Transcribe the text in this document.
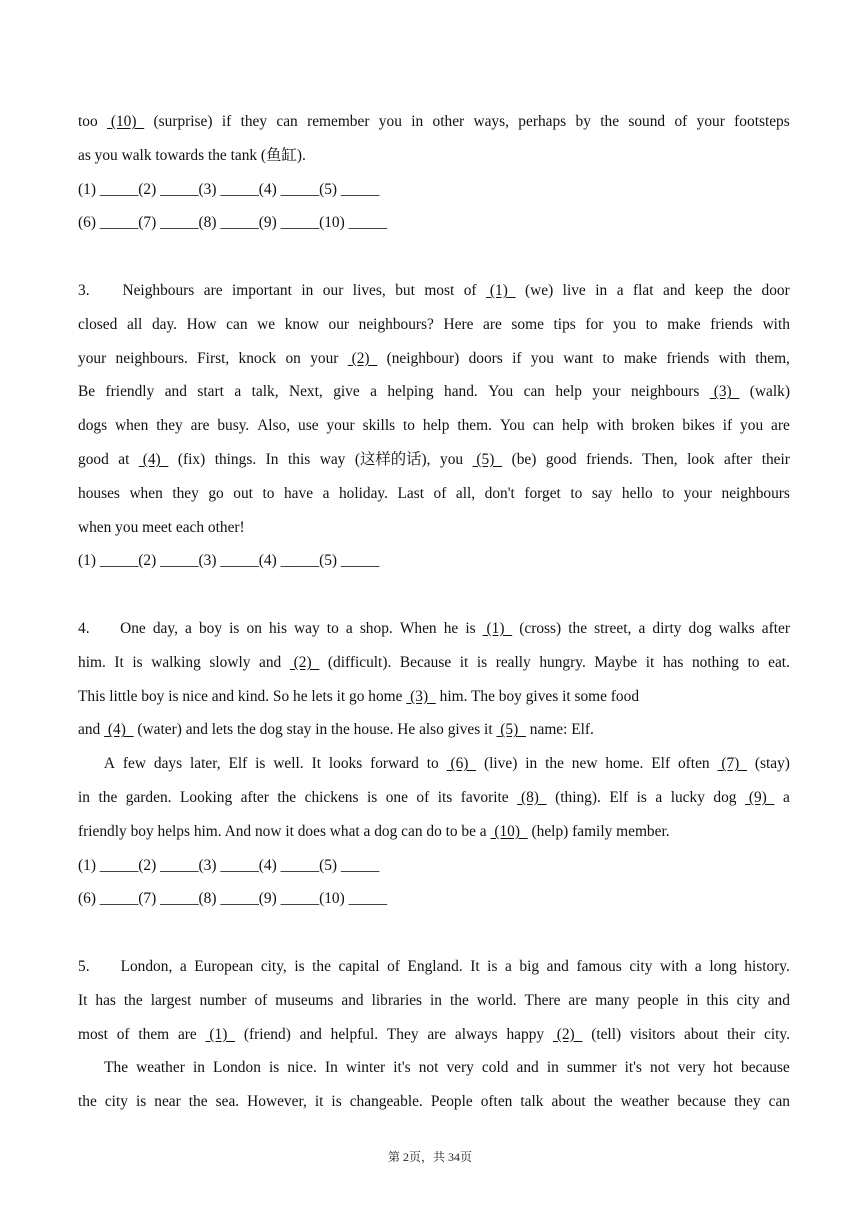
too (10) (surprise) if they can remember you in other ways, perhaps by the sound of your footsteps
as you walk towards the tank (鱼缸).
(1) _____(2) _____(3) _____(4) _____(5) _____
(6) _____(7) _____(8) _____(9) _____(10) _____
3.	Neighbours are important in our lives, but most of (1) (we) live in a flat and keep the door
closed all day. How can we know our neighbours? Here are some tips for you to make friends with
your neighbours. First, knock on your (2) (neighbour) doors if you want to make friends with them,
Be friendly and start a talk, Next, give a helping hand. You can help your neighbours (3) (walk)
dogs when they are busy. Also, use your skills to help them. You can help with broken bikes if you are
good at (4) (fix) things. In this way (这样的话), you (5) (be) good friends. Then, look after their
houses when they go out to have a holiday. Last of all, don't forget to say hello to your neighbours
when you meet each other!
(1) _____(2) _____(3) _____(4) _____(5) _____
4.	One day, a boy is on his way to a shop. When he is (1) (cross) the street, a dirty dog walks after
him. It is walking slowly and (2) (difficult). Because it is really hungry. Maybe it has nothing to eat.
This little boy is nice and kind. So he lets it go home (3) him. The boy gives it some food
and (4) (water) and lets the dog stay in the house. He also gives it (5) name: Elf.
A few days later, Elf is well. It looks forward to (6) (live) in the new home. Elf often (7) (stay)
in the garden. Looking after the chickens is one of its favorite (8) (thing). Elf is a lucky dog (9) a
friendly boy helps him. And now it does what a dog can do to be a (10) (help) family member.
(1) _____(2) _____(3) _____(4) _____(5) _____
(6) _____(7) _____(8) _____(9) _____(10) _____
5.	London, a European city, is the capital of England. It is a big and famous city with a long history.
It has the largest number of museums and libraries in the world. There are many people in this city and
most of them are (1) (friend) and helpful. They are always happy (2) (tell) visitors about their city.
The weather in London is nice. In winter it's not very cold and in summer it's not very hot because
the city is near the sea. However, it is changeable. People often talk about the weather because they can
第 2页，共 34页
